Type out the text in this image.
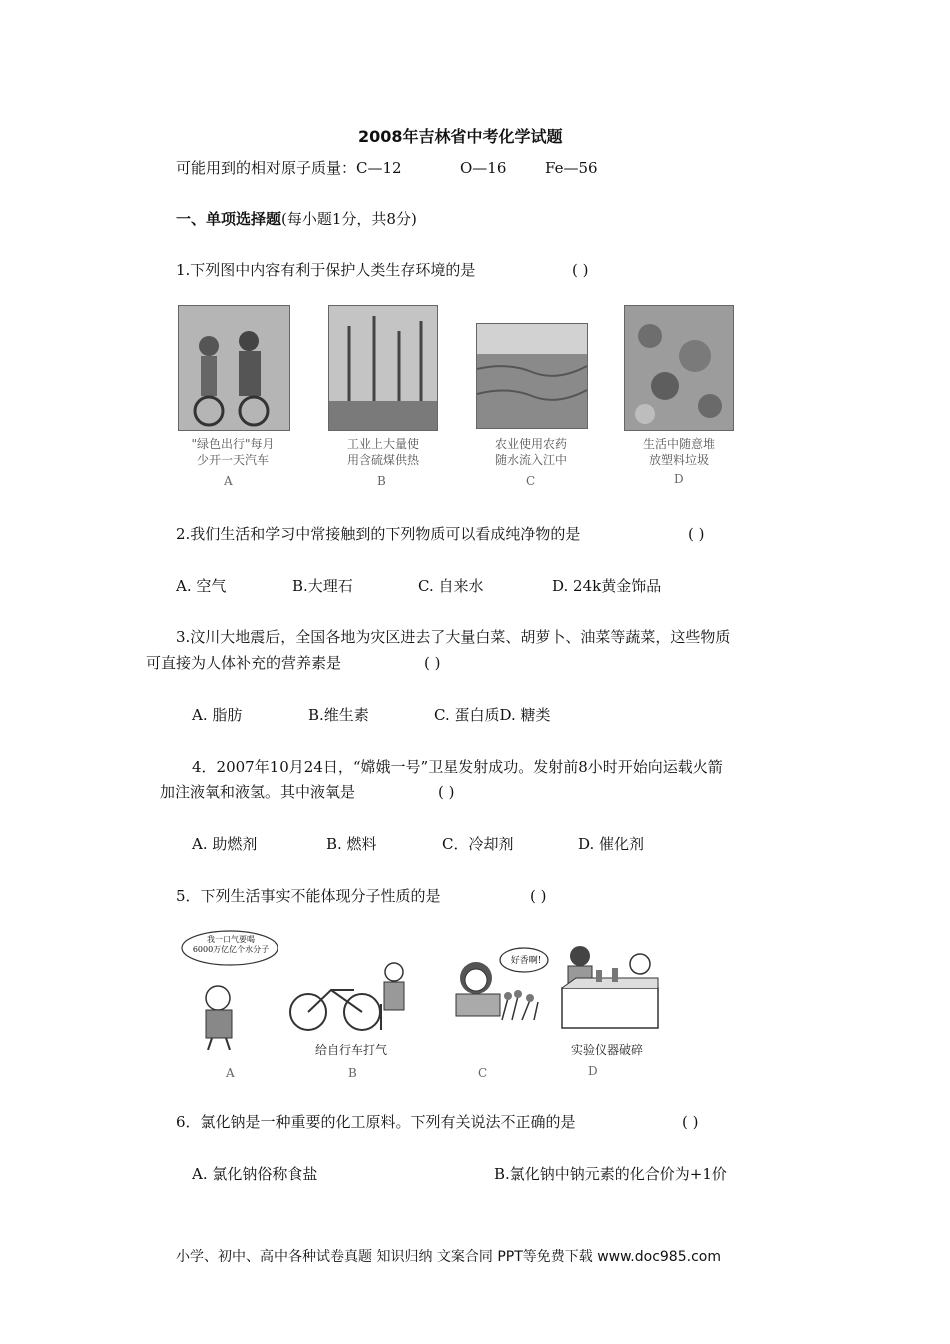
2008年吉林省中考化学试题
可能用到的相对原子质量：C—12	O—16	Fe—56
一、单项选择题(每小题1分，共8分)
1.下列图中内容有利于保护人类生存环境的是	( )
"绿色出行"每月
少开一天汽车
A
工业上大量使
用含硫煤供热
B
农业使用农药
随水流入江中
C
生活中随意堆
放塑料垃圾
D
2.我们生活和学习中常接触到的下列物质可以看成纯净物的是	( )
A. 空气	B.大理石	C. 自来水	D. 24k黄金饰品
3.汶川大地震后，全国各地为灾区进去了大量白菜、胡萝卜、油菜等蔬菜，这些物质
可直接为人体补充的营养素是	( )
A. 脂肪	B.维生素	C. 蛋白质D. 糖类
4．2007年10月24日，“嫦娥一号”卫星发射成功。发射前8小时开始向运载火箭
加注液氧和液氢。其中液氧是	( )
A. 助燃剂	B. 燃料	C．冷却剂	D. 催化剂
5．下列生活事实不能体现分子性质的是	( )
我一口气要喝
6000万亿亿个水分子
A
给自行车打气
B
好香啊!
C
实验仪器破碎
D
6．氯化钠是一种重要的化工原料。下列有关说法不正确的是	( )
A. 氯化钠俗称食盐	B.氯化钠中钠元素的化合价为+1价
小学、初中、高中各种试卷真题 知识归纳 文案合同 PPT等免费下载 www.doc985.com
